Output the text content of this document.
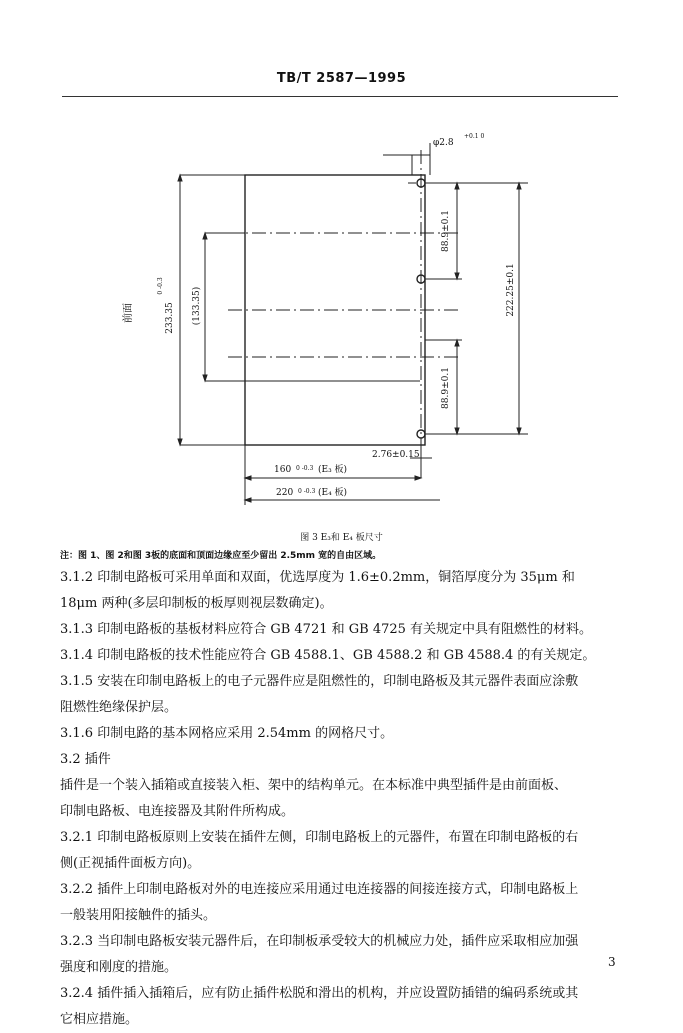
TB/T 2587—1995
φ2.8
+0.1 0
88.9±0.1
88.9±0.1
222.25±0.1
233.35
0 -0.3
(133.35)
前面
2.76±0.15
160 0 -0.3 (E₃ 板)
220 0 -0.3 (E₄ 板)
图 3 E₃和 E₄ 板尺寸
注：图 1、图 2和图 3板的底面和顶面边缘应至少留出 2.5mm 宽的自由区域。
3.1.2 印制电路板可采用单面和双面，优选厚度为 1.6±0.2mm，铜箔厚度分为 35μm 和
18μm 两种(多层印制板的板厚则视层数确定)。
3.1.3 印制电路板的基板材料应符合 GB 4721 和 GB 4725 有关规定中具有阻燃性的材料。
3.1.4 印制电路板的技术性能应符合 GB 4588.1、GB 4588.2 和 GB 4588.4 的有关规定。
3.1.5 安装在印制电路板上的电子元器件应是阻燃性的，印制电路板及其元器件表面应涂敷
阻燃性绝缘保护层。
3.1.6 印制电路的基本网格应采用 2.54mm 的网格尺寸。
3.2 插件
插件是一个装入插箱或直接装入柜、架中的结构单元。在本标准中典型插件是由前面板、
印制电路板、电连接器及其附件所构成。
3.2.1 印制电路板原则上安装在插件左侧，印制电路板上的元器件，布置在印制电路板的右
侧(正视插件面板方向)。
3.2.2 插件上印制电路板对外的电连接应采用通过电连接器的间接连接方式，印制电路板上
一般装用阳接触件的插头。
3.2.3 当印制电路板安装元器件后，在印制板承受较大的机械应力处，插件应采取相应加强
强度和刚度的措施。
3.2.4 插件插入插箱后，应有防止插件松脱和滑出的机构，并应设置防插错的编码系统或其
它相应措施。
3
